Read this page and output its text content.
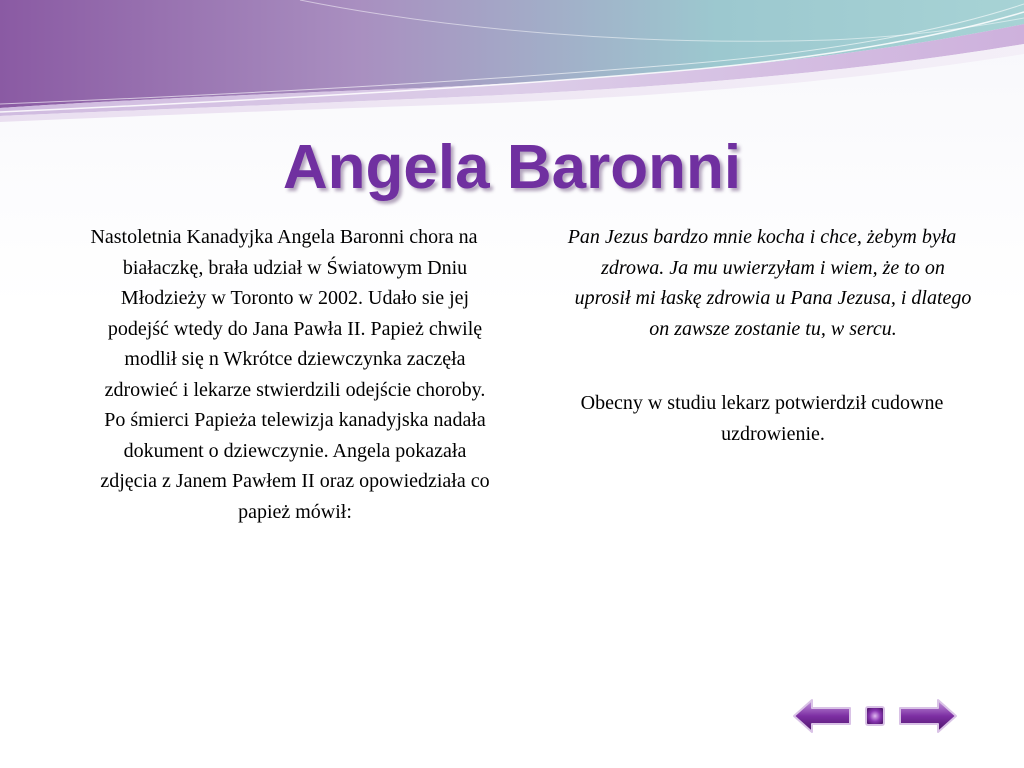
Angela Baronni

Nastoletnia Kanadyjka Angela Baronni chora na białaczkę, brała udział w Światowym Dniu Młodzieży w Toronto w 2002. Udało sie jej podejść wtedy do Jana Pawła II. Papież chwilę modlił się n Wkrótce dziewczynka zaczęła zdrowieć i lekarze stwierdzili odejście choroby. Po śmierci Papieża telewizja kanadyjska nadała dokument o dziewczynie. Angela pokazała zdjęcia z Janem Pawłem II oraz opowiedziała co papież mówił:

Pan Jezus bardzo mnie kocha i chce, żebym była zdrowa. Ja mu uwierzyłam i wiem, że to on uprosił mi łaskę zdrowia u Pana Jezusa, i dlatego on zawsze zostanie tu, w sercu.

Obecny w studiu lekarz potwierdził cudowne uzdrowienie.
